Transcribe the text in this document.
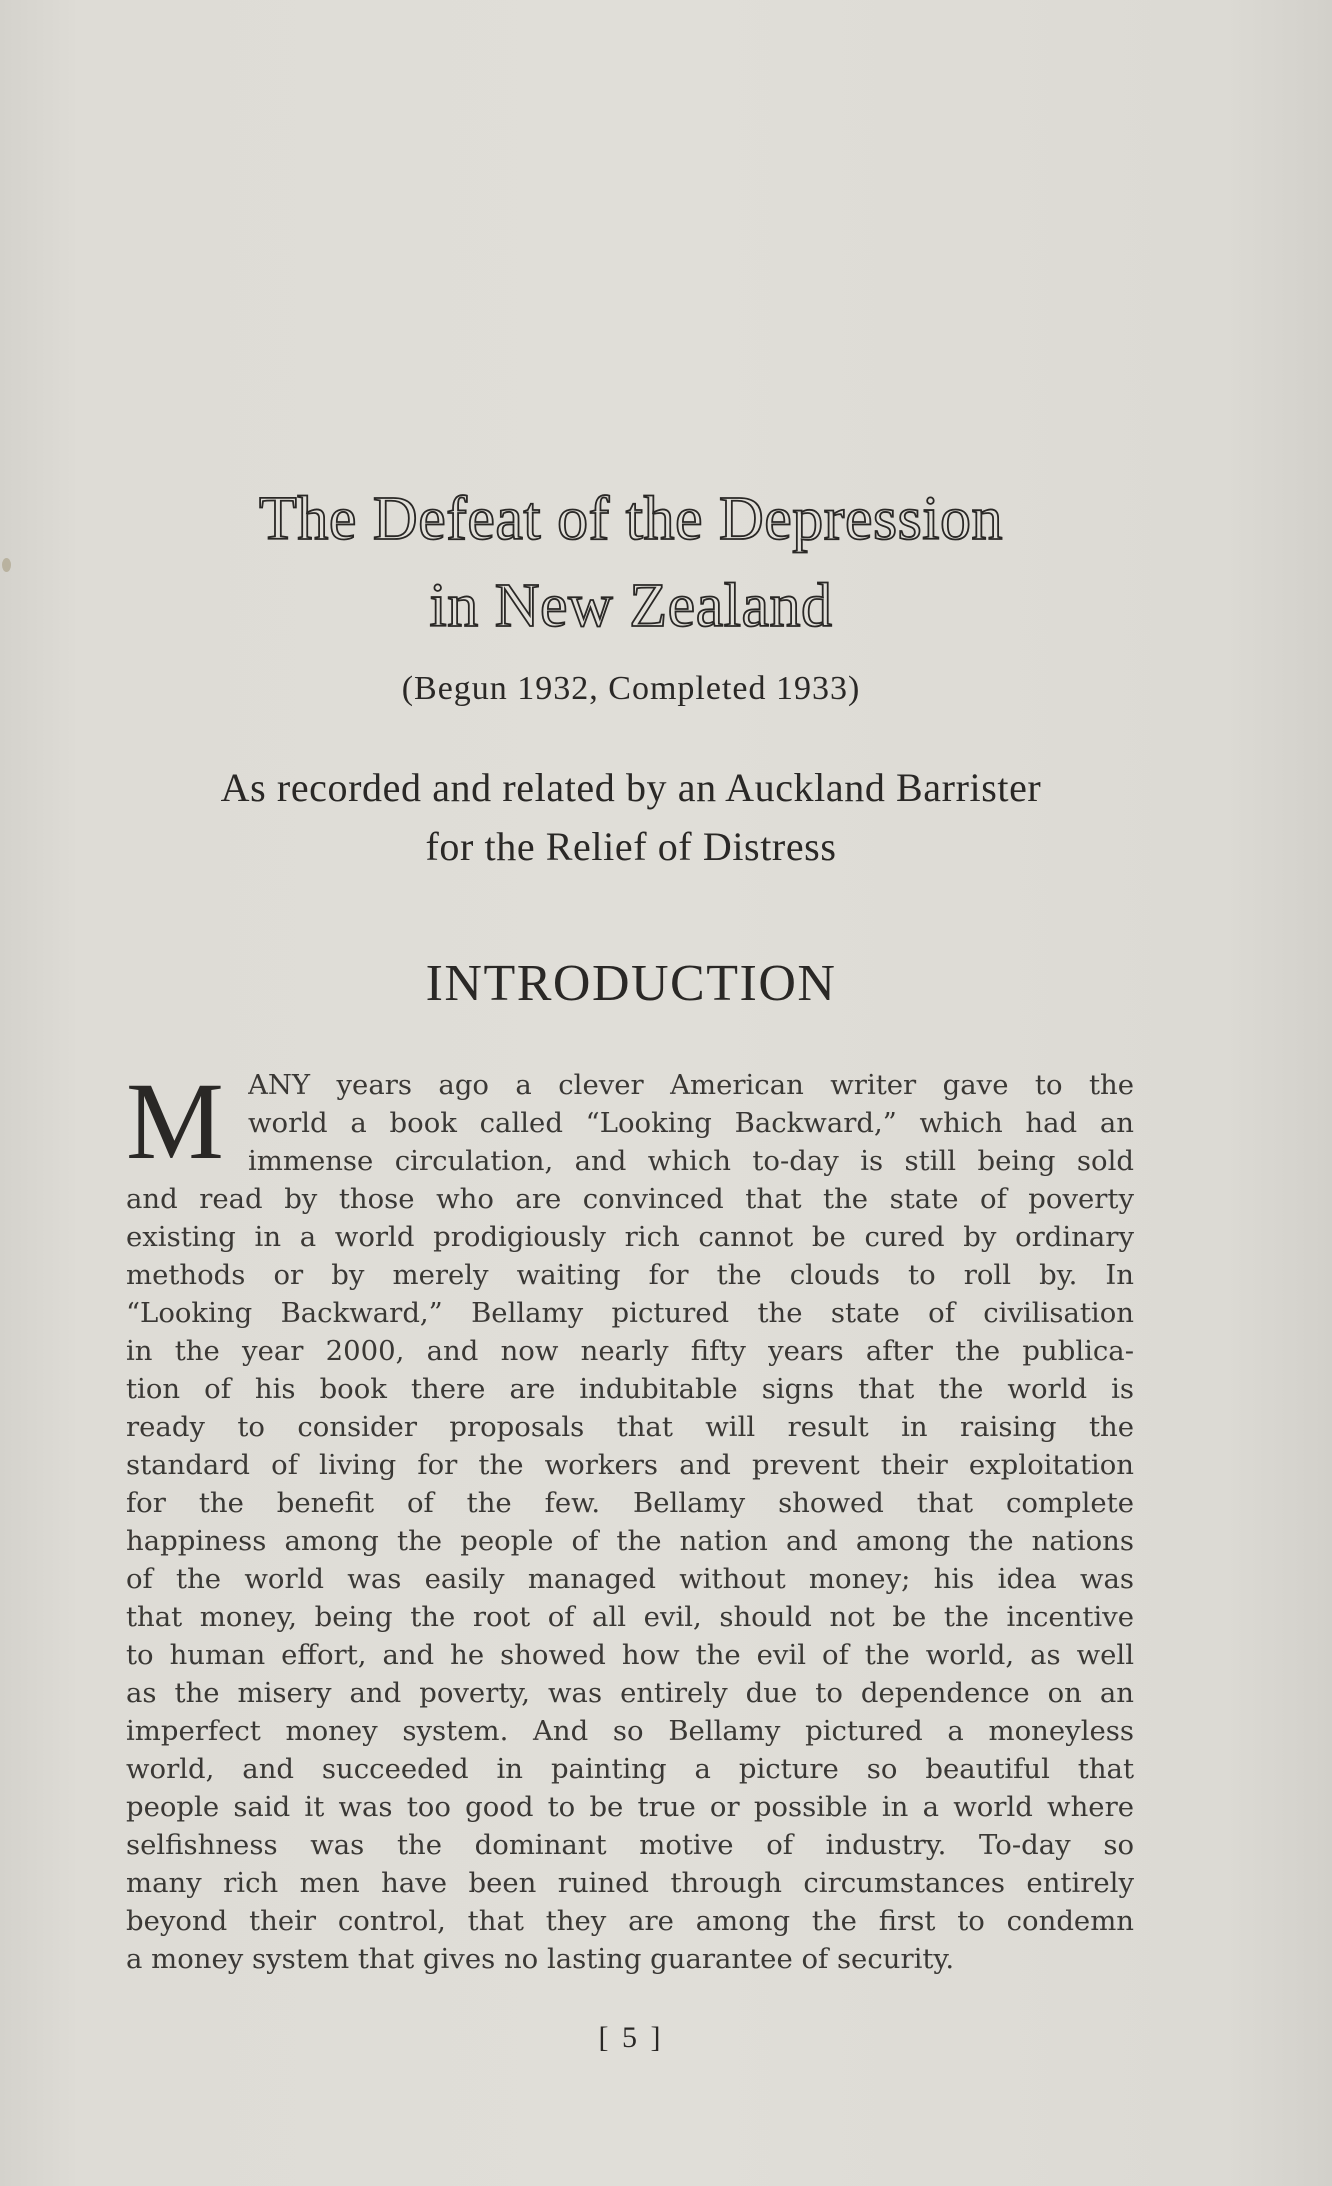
The Defeat of the Depression
in New Zealand
(Begun 1932, Completed 1933)
As recorded and related by an Auckland Barrister
for the Relief of Distress
INTRODUCTION
M ANY years ago a clever American writer gave to the
world a book called “Looking Backward,” which had an
immense circulation, and which to-day is still being sold
and read by those who are convinced that the state of poverty
existing in a world prodigiously rich cannot be cured by ordinary
methods or by merely waiting for the clouds to roll by. In
“Looking Backward,” Bellamy pictured the state of civilisation
in the year 2000, and now nearly fifty years after the publica-
tion of his book there are indubitable signs that the world is
ready to consider proposals that will result in raising the
standard of living for the workers and prevent their exploitation
for the benefit of the few. Bellamy showed that complete
happiness among the people of the nation and among the nations
of the world was easily managed without money; his idea was
that money, being the root of all evil, should not be the incentive
to human effort, and he showed how the evil of the world, as well
as the misery and poverty, was entirely due to dependence on an
imperfect money system. And so Bellamy pictured a moneyless
world, and succeeded in painting a picture so beautiful that
people said it was too good to be true or possible in a world where
selfishness was the dominant motive of industry. To-day so
many rich men have been ruined through circumstances entirely
beyond their control, that they are among the first to condemn
a money system that gives no lasting guarantee of security.
[ 5 ]
